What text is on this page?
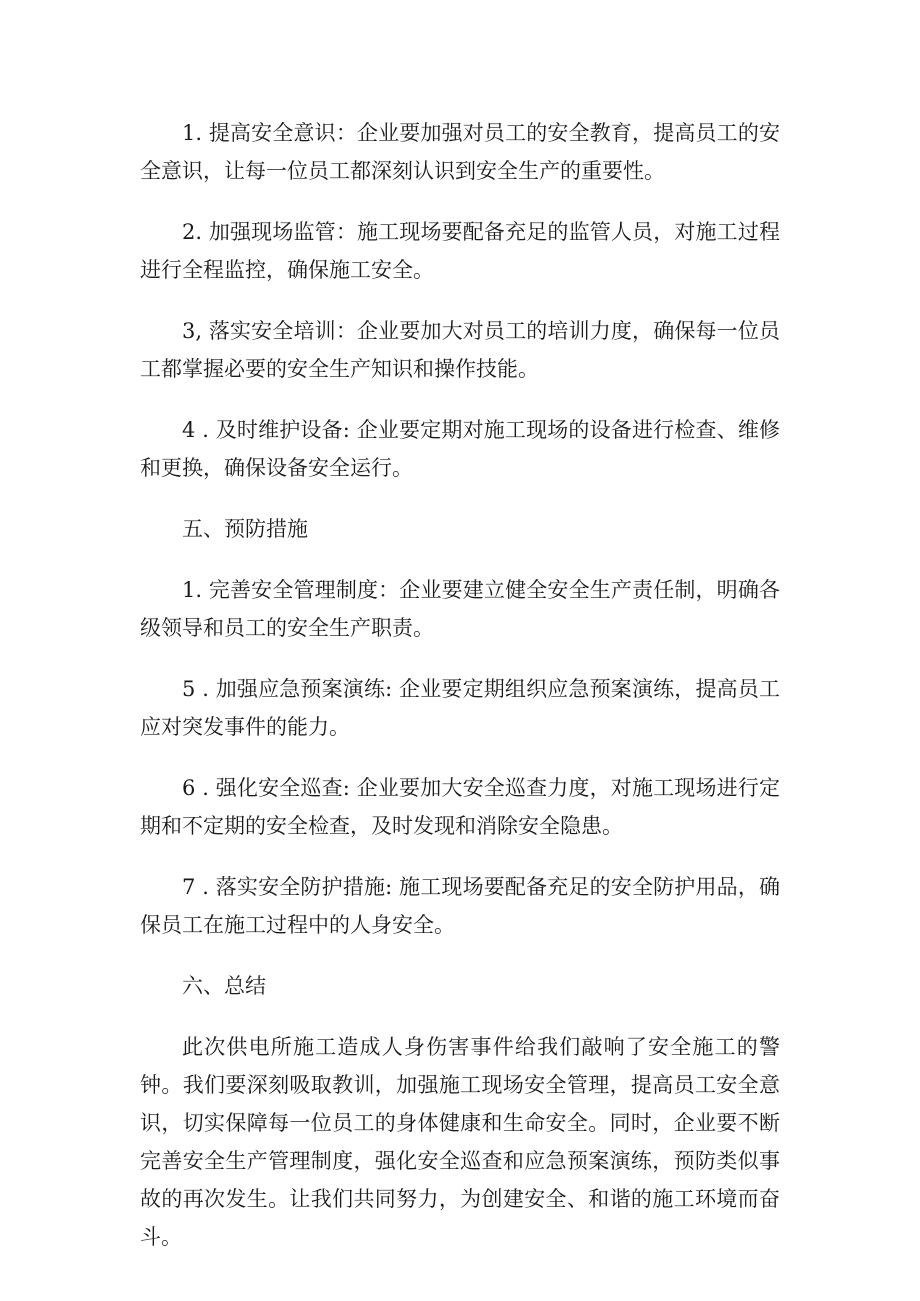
1. 提高安全意识：企业要加强对员工的安全教育，提高员工的安全意识，让每一位员工都深刻认识到安全生产的重要性。

2. 加强现场监管：施工现场要配备充足的监管人员，对施工过程进行全程监控，确保施工安全。

3, 落实安全培训：企业要加大对员工的培训力度，确保每一位员工都掌握必要的安全生产知识和操作技能。

4 . 及时维护设备: 企业要定期对施工现场的设备进行检查、维修和更换，确保设备安全运行。

五、预防措施

1. 完善安全管理制度：企业要建立健全安全生产责任制，明确各级领导和员工的安全生产职责。

5 . 加强应急预案演练: 企业要定期组织应急预案演练，提高员工应对突发事件的能力。

6 . 强化安全巡查: 企业要加大安全巡查力度，对施工现场进行定期和不定期的安全检查，及时发现和消除安全隐患。

7 . 落实安全防护措施: 施工现场要配备充足的安全防护用品，确保员工在施工过程中的人身安全。

六、总结

此次供电所施工造成人身伤害事件给我们敲响了安全施工的警钟。我们要深刻吸取教训，加强施工现场安全管理，提高员工安全意识，切实保障每一位员工的身体健康和生命安全。同时，企业要不断完善安全生产管理制度，强化安全巡查和应急预案演练，预防类似事故的再次发生。让我们共同努力，为创建安全、和谐的施工环境而奋斗。
